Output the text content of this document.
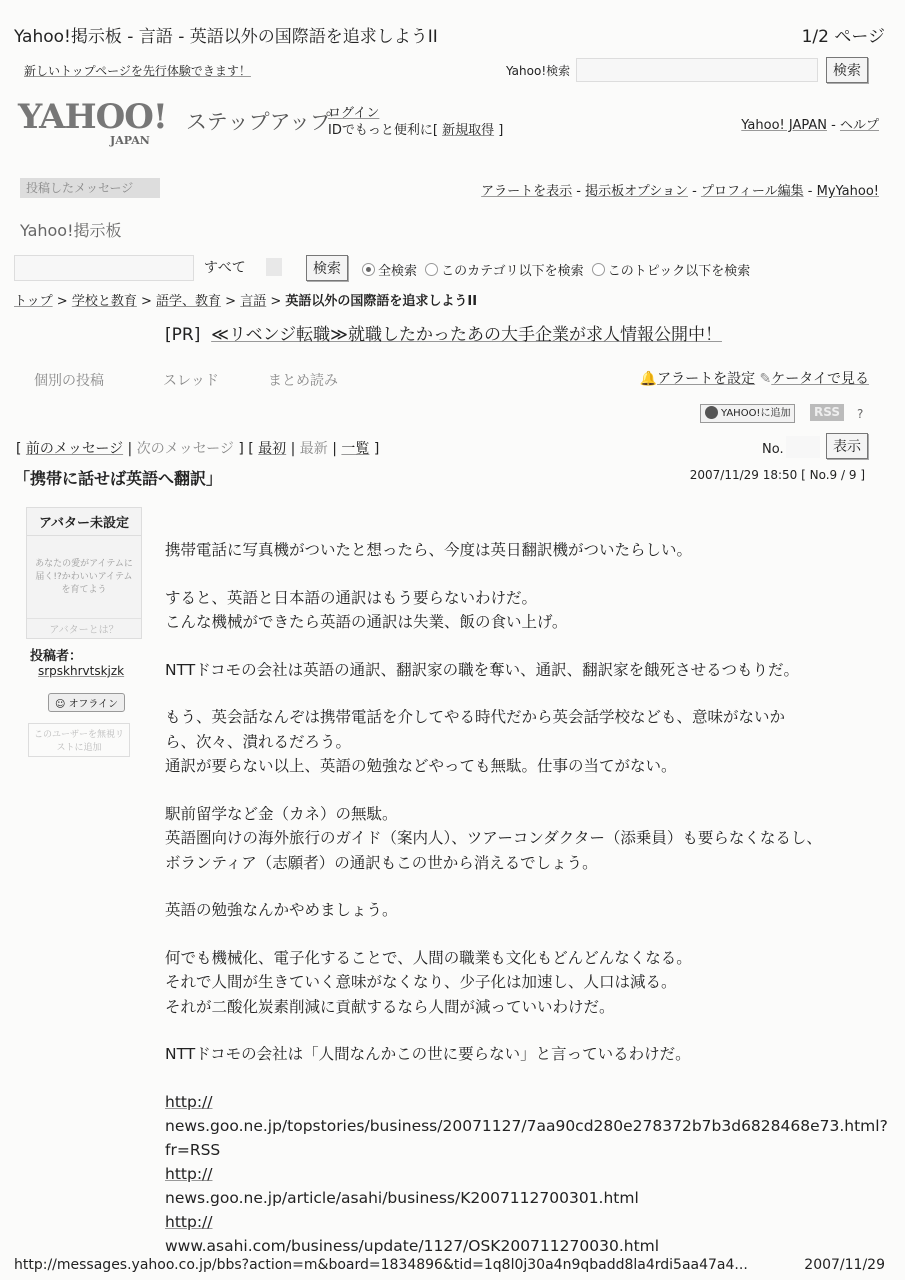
Yahoo!掲示板 - 言語 - 英語以外の国際語を追求しようII	1/2 ページ
新しいトップページを先行体験できます！	Yahoo!検索	検索
YAHOO!
JAPAN
ステップアップ
ログイン
IDでもっと便利に[ 新規取得 ]	Yahoo! JAPAN - ヘルプ
投稿したメッセージ	アラートを表示 - 掲示板オプション - プロフィール編集 - MyYahoo!
Yahoo!掲示板
すべて	検索	全検索 このカテゴリ以下を検索 このトピック以下を検索
トップ > 学校と教育 > 語学、教育 > 言語 > 英語以外の国際語を追求しようII
[PR] ≪リベンジ転職≫就職したかったあの大手企業が求人情報公開中！
個別の投稿	スレッド	まとめ読み	🔔アラートを設定 ✎ケータイで見る
YAHOO!に追加	RSS	?
[ 前のメッセージ | 次のメッセージ ] [ 最初 | 最新 | 一覧 ]	No.	表示
「携帯に話せば英語へ翻訳」	2007/11/29 18:50 [ No.9 / 9 ]
アバター未設定
あなたの愛がアイテムに届く!?かわいいアイテムを育てよう
アバターとは？
投稿者：
srpskhrvtskjzk
☺ オフライン
このユーザーを無視リストに追加
携帯電話に写真機がついたと想ったら、今度は英日翻訳機がついたらしい。
すると、英語と日本語の通訳はもう要らないわけだ。
こんな機械ができたら英語の通訳は失業、飯の食い上げ。
NTTドコモの会社は英語の通訳、翻訳家の職を奪い、通訳、翻訳家を餓死させるつもりだ。
もう、英会話なんぞは携帯電話を介してやる時代だから英会話学校なども、意味がないか
ら、次々、潰れるだろう。
通訳が要らない以上、英語の勉強などやっても無駄。仕事の当てがない。
駅前留学など金（カネ）の無駄。
英語圏向けの海外旅行のガイド（案内人）、ツアーコンダクター（添乗員）も要らなくなるし、
ボランティア（志願者）の通訳もこの世から消えるでしょう。
英語の勉強なんかやめましょう。
何でも機械化、電子化することで、人間の職業も文化もどんどんなくなる。
それで人間が生きていく意味がなくなり、少子化は加速し、人口は減る。
それが二酸化炭素削減に貢献するなら人間が減っていいわけだ。
NTTドコモの会社は「人間なんかこの世に要らない」と言っているわけだ。
http://
news.goo.ne.jp/topstories/business/20071127/7aa90cd280e278372b7b3d6828468e73.html?
fr=RSS
http://
news.goo.ne.jp/article/asahi/business/K2007112700301.html
http://
www.asahi.com/business/update/1127/OSK200711270030.html
http://messages.yahoo.co.jp/bbs?action=m&board=1834896&tid=1q8l0j30a4n9qbadd8la4rdi5aa47a4...	2007/11/29
